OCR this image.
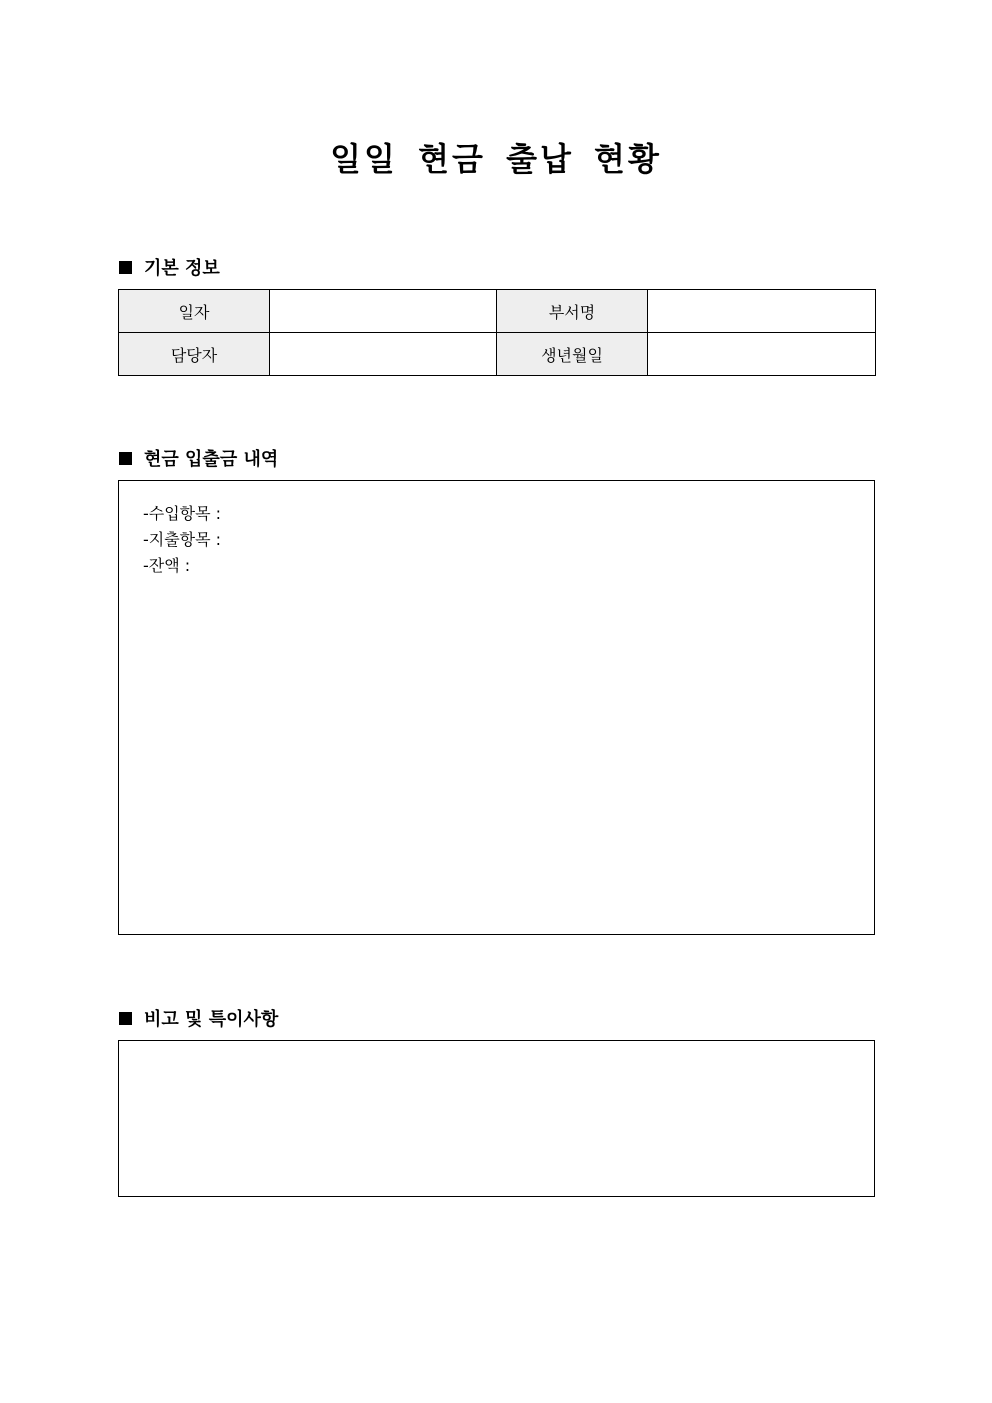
일일 현금 출납 현황
기본 정보
일자		부서명	
담당자		생년월일	
현금 입출금 내역
-수입항목 :
-지출항목 :
-잔액 :
비고 및 특이사항
